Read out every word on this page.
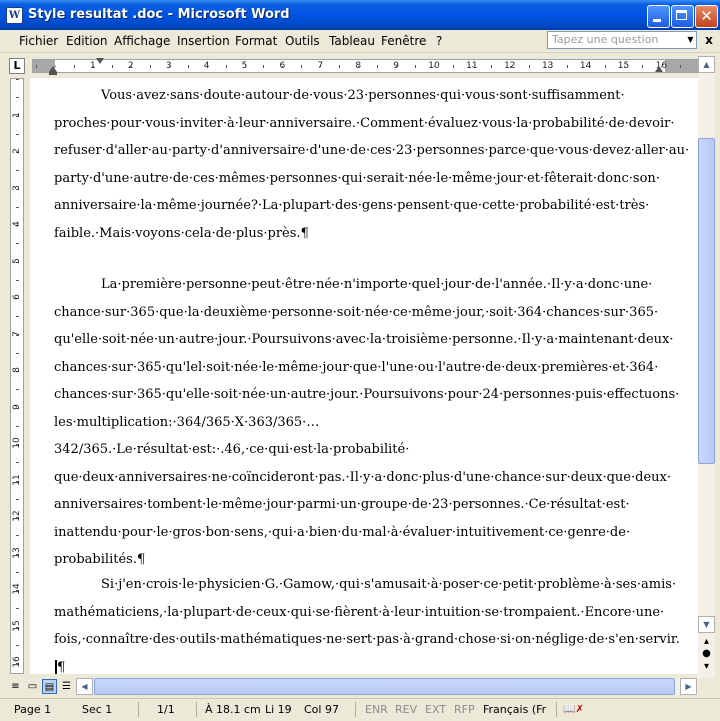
W Style resultat .doc - Microsoft Word	✕
Fichier Edition Affichage Insertion Format Outils Tableau Fenêtre ?	Tapez une question	▼ x
L	1	2	3	4	5	6	7	8	9	10	11	12	13	14	15	16
1
2
3
4
5
6
7
8
9
10
11
12
13
14
15
16
Vous·avez·sans·doute·autour·de·vous·23·personnes·qui·vous·sont·suffisamment· proches·pour·vous·inviter·à·leur·anniversaire.·Comment·évaluez·vous·la·probabilité·de·devoir· refuser·d'aller·au·party·d'anniversaire·d'une·de·ces·23·personnes·parce·que·vous·devez·aller·au· party·d'une·autre·de·ces·mêmes·personnes·qui·serait·née·le·même·jour·et·fêterait·donc·son· anniversaire·la·même·journée?·La·plupart·des·gens·pensent·que·cette·probabilité·est·très· faible.·Mais·voyons·cela·de·plus·près.¶
La·première·personne·peut·être·née·n'importe·quel·jour·de·l'année.·Il·y·a·donc·une· chance·sur·365·que·la·deuxième·personne·soit·née·ce·même·jour,·soit·364·chances·sur·365· qu'elle·soit·née·un·autre·jour.·Poursuivons·avec·la·troisième·personne.·Il·y·a·maintenant·deux· chances·sur·365·qu'lel·soit·née·le·même·jour·que·l'une·ou·l'autre·de·deux·premières·et·364· chances·sur·365·qu'elle·soit·née·un·autre·jour.·Poursuivons·pour·24·personnes·puis·effectuons· les·multiplication:·364/365·X·363/365·…342/365.·Le·résultat·est:·.46,·ce·qui·est·la·probabilité· que·deux·anniversaires·ne·coïncideront·pas.·Il·y·a·donc·plus·d'une·chance·sur·deux·que·deux· anniversaires·tombent·le·même·jour·parmi·un·groupe·de·23·personnes.·Ce·résultat·est· inattendu·pour·le·gros·bon·sens,·qui·a·bien·du·mal·à·évaluer·intuitivement·ce·genre·de· probabilités.¶
Si·j'en·crois·le·physicien·G.·Gamow,·qui·s'amusait·à·poser·ce·petit·problème·à·ses·amis· mathématiciens,·la·plupart·de·ceux·qui·se·fièrent·à·leur·intuition·se·trompaient.·Encore·une· fois,·connaître·des·outils·mathématiques·ne·sert·pas·à·grand·chose·si·on·néglige·de·s'en·servir.¶
▲
▼
▴
●
▾
≡ ▭ ▤ ☰	◀	▶
Page 1	Sec 1	1/1	À 18.1 cm Li 19 Col 97 ENR REV EXT RFP Français (Fr 📖✗
